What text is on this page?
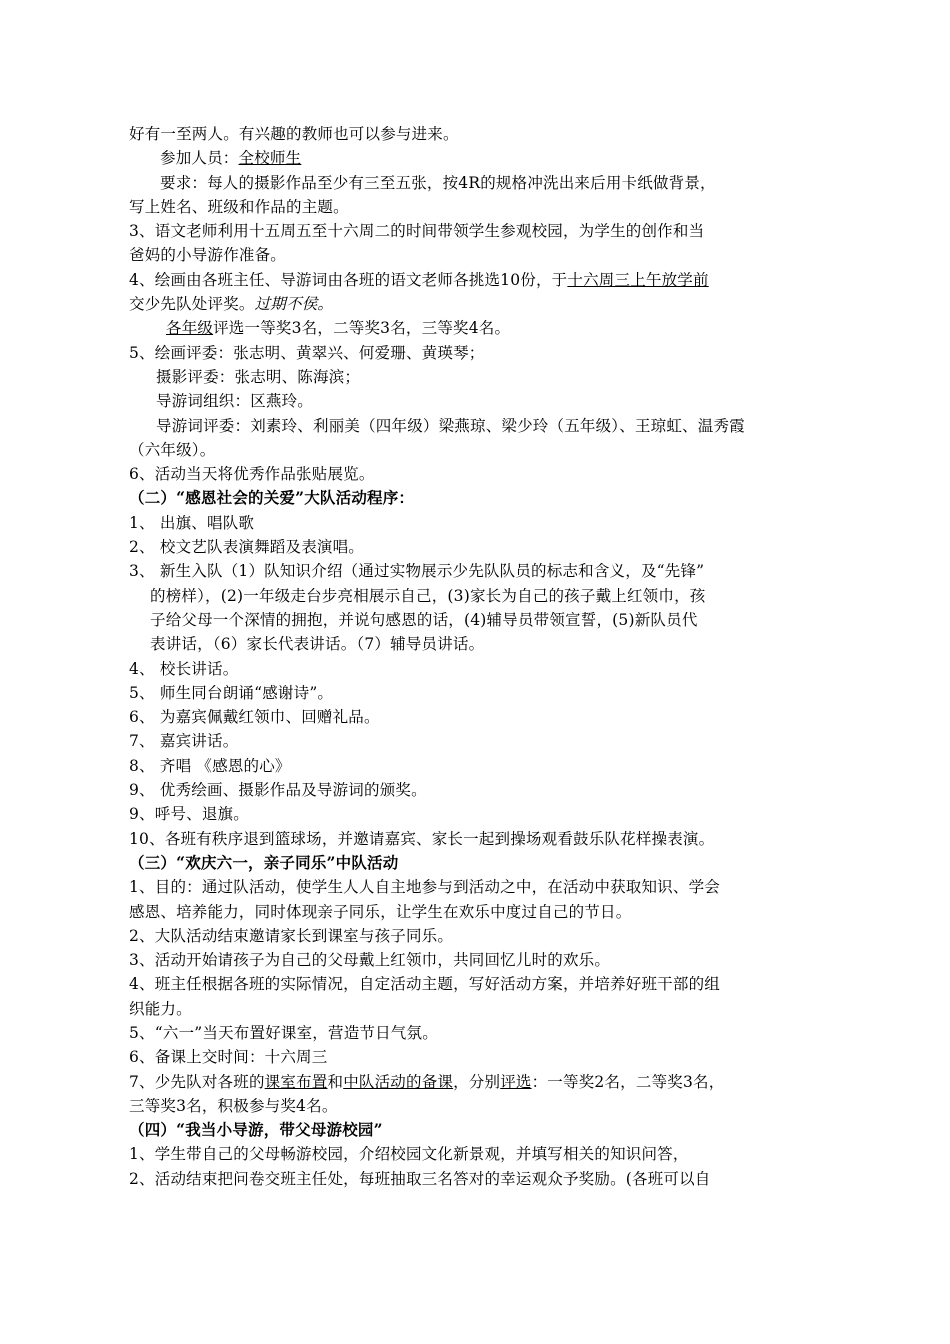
好有一至两人。有兴趣的教师也可以参与进来。
参加人员：全校师生
要求：每人的摄影作品至少有三至五张，按4R的规格冲洗出来后用卡纸做背景，
写上姓名、班级和作品的主题。
3、语文老师利用十五周五至十六周二的时间带领学生参观校园，为学生的创作和当
爸妈的小导游作准备。
4、绘画由各班主任、导游词由各班的语文老师各挑选10份，于十六周三上午放学前
交少先队处评奖。过期不侯。
各年级评选一等奖3名，二等奖3名，三等奖4名。
5、绘画评委：张志明、黄翠兴、何爱珊、黄瑛琴；
摄影评委：张志明、陈海滨；
导游词组织：区燕玲。
导游词评委：刘素玲、利丽美（四年级）梁燕琼、梁少玲（五年级）、王琼虹、温秀霞
（六年级）。
6、活动当天将优秀作品张贴展览。
（二）“感恩社会的关爱”大队活动程序：
1、 出旗、唱队歌
2、 校文艺队表演舞蹈及表演唱。
3、 新生入队（1）队知识介绍（通过实物展示少先队队员的标志和含义，及“先锋”
的榜样），(2)一年级走台步亮相展示自己，(3)家长为自己的孩子戴上红领巾，孩
子给父母一个深情的拥抱，并说句感恩的话，(4)辅导员带领宣誓，(5)新队员代
表讲话，（6）家长代表讲话。（7）辅导员讲话。
4、 校长讲话。
5、 师生同台朗诵“感谢诗”。
6、 为嘉宾佩戴红领巾、回赠礼品。
7、 嘉宾讲话。
8、 齐唱 《感恩的心》
9、 优秀绘画、摄影作品及导游词的颁奖。
9、呼号、退旗。
10、各班有秩序退到篮球场，并邀请嘉宾、家长一起到操场观看鼓乐队花样操表演。
（三）“欢庆六一，亲子同乐”中队活动
1、目的：通过队活动，使学生人人自主地参与到活动之中，在活动中获取知识、学会
感恩、培养能力，同时体现亲子同乐，让学生在欢乐中度过自己的节日。
2、大队活动结束邀请家长到课室与孩子同乐。
3、活动开始请孩子为自己的父母戴上红领巾，共同回忆儿时的欢乐。
4、班主任根据各班的实际情况，自定活动主题，写好活动方案，并培养好班干部的组
织能力。
5、“六一”当天布置好课室，营造节日气氛。
6、备课上交时间：十六周三
7、少先队对各班的课室布置和中队活动的备课，分别评选：一等奖2名，二等奖3名，
三等奖3名，积极参与奖4名。
（四）“我当小导游，带父母游校园”
1、学生带自己的父母畅游校园，介绍校园文化新景观，并填写相关的知识问答，
2、活动结束把问卷交班主任处，每班抽取三名答对的幸运观众予奖励。(各班可以自
